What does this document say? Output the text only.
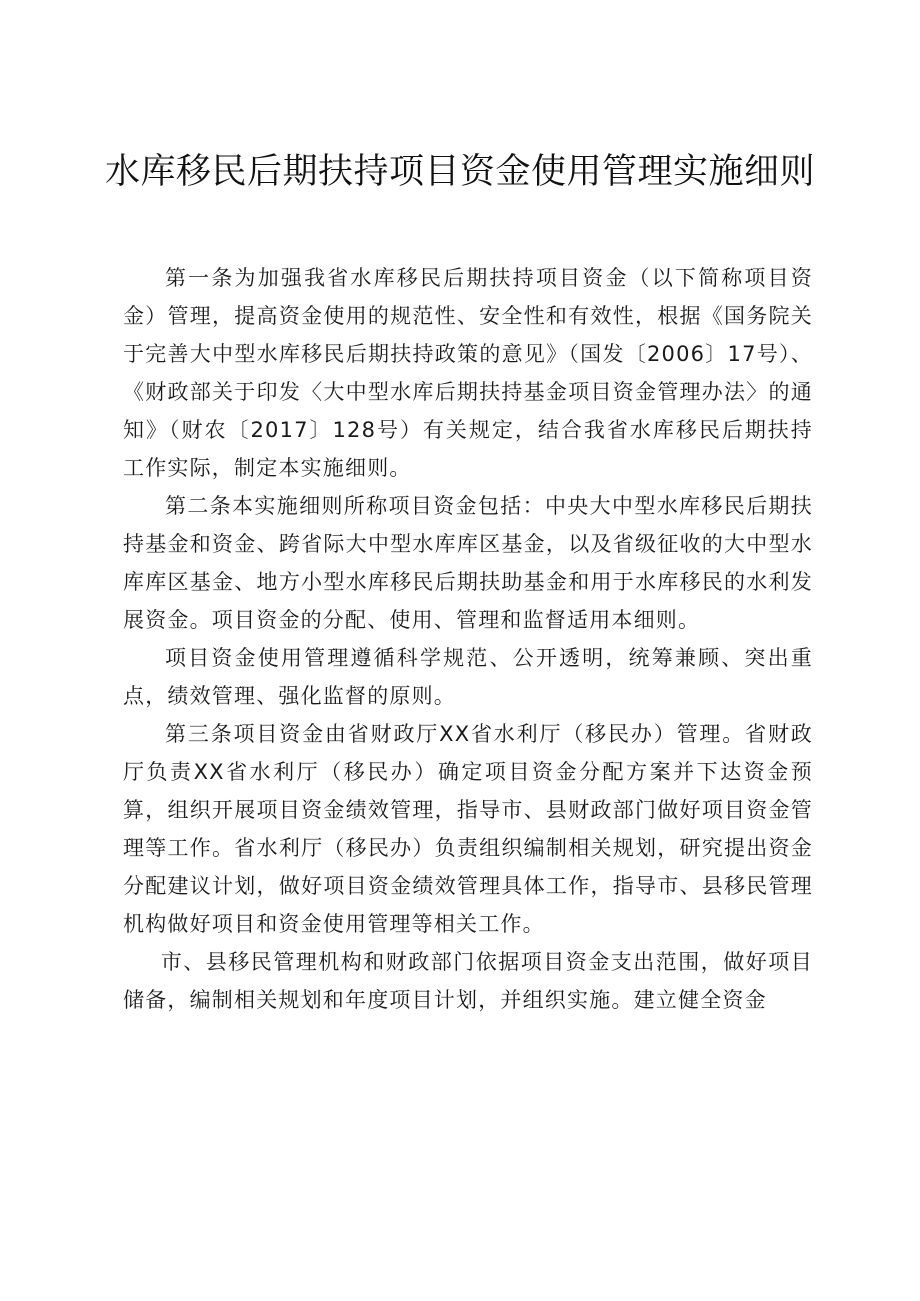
水库移民后期扶持项目资金使用管理实施细则

第一条为加强我省水库移民后期扶持项目资金（以下简称项目资金）管理，提高资金使用的规范性、安全性和有效性，根据《国务院关于完善大中型水库移民后期扶持政策的意见》（国发〔2006〕17号）、《财政部关于印发〈大中型水库后期扶持基金项目资金管理办法〉的通知》（财农〔2017〕128号）有关规定，结合我省水库移民后期扶持工作实际，制定本实施细则。

第二条本实施细则所称项目资金包括：中央大中型水库移民后期扶持基金和资金、跨省际大中型水库库区基金，以及省级征收的大中型水库库区基金、地方小型水库移民后期扶助基金和用于水库移民的水利发展资金。项目资金的分配、使用、管理和监督适用本细则。

项目资金使用管理遵循科学规范、公开透明，统筹兼顾、突出重点，绩效管理、强化监督的原则。

第三条项目资金由省财政厅XX省水利厅（移民办）管理。省财政厅负责XX省水利厅（移民办）确定项目资金分配方案并下达资金预算，组织开展项目资金绩效管理，指导市、县财政部门做好项目资金管理等工作。省水利厅（移民办）负责组织编制相关规划，研究提出资金分配建议计划，做好项目资金绩效管理具体工作，指导市、县移民管理机构做好项目和资金使用管理等相关工作。

市、县移民管理机构和财政部门依据项目资金支出范围，做好项目储备，编制相关规划和年度项目计划，并组织实施。建立健全资金
